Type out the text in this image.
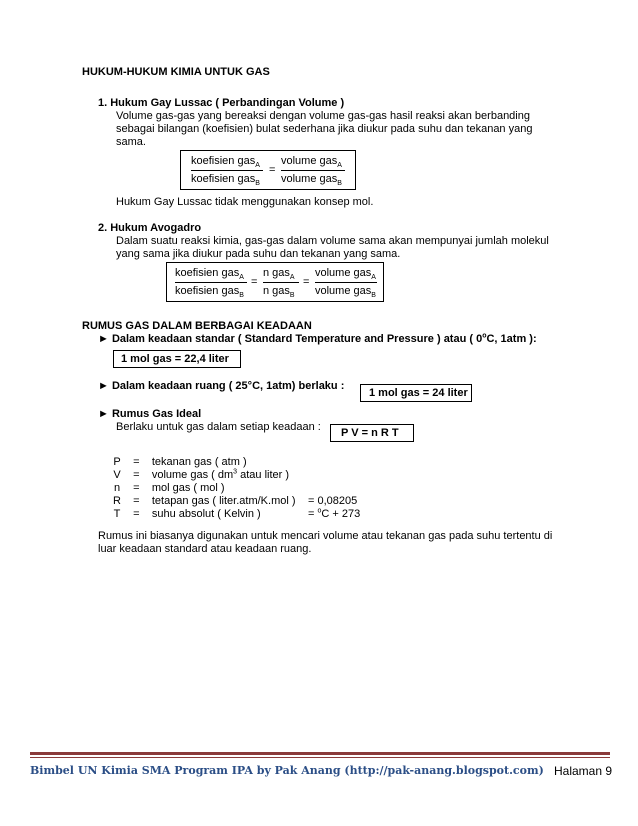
HUKUM-HUKUM KIMIA UNTUK GAS
1. Hukum Gay Lussac ( Perbandingan Volume )
Volume gas-gas yang bereaksi dengan volume gas-gas hasil reaksi akan berbanding
sebagai bilangan (koefisien) bulat sederhana jika diukur pada suhu dan tekanan yang
sama.
koefisien gas$_A$
koefisien gas$_B$
=
volume gas$_A$
volume gas$_B$
Hukum Gay Lussac tidak menggunakan konsep mol.
2. Hukum Avogadro
Dalam suatu reaksi kimia, gas-gas dalam volume sama akan mempunyai jumlah molekul
yang sama jika diukur pada suhu dan tekanan yang sama.
koefisien gas$_A$
koefisien gas$_B$
=
n gas$_A$
n gas$_B$
=
volume gas$_A$
volume gas$_B$
RUMUS GAS DALAM BERBAGAI KEADAAN
► Dalam keadaan standar ( Standard Temperature and Pressure ) atau ( 0$^o$C, 1atm ):
1 mol gas = 22,4 liter
► Dalam keadaan ruang ( 25°C, 1atm) berlaku :
1 mol gas = 24 liter
► Rumus Gas Ideal
Berlaku untuk gas dalam setiap keadaan :	P V = n R T
P = tekanan gas ( atm )
V = volume gas ( $dm^3$ atau liter )
n = mol gas ( mol )
R = tetapan gas ( liter.atm/K.mol ) = 0,08205
T = suhu absolut ( Kelvin )	= $^o$C + 273
Rumus ini biasanya digunakan untuk mencari volume atau tekanan gas pada suhu tertentu di
luar keadaan standard atau keadaan ruang.
Bimbel UN Kimia SMA Program IPA by Pak Anang (http://pak-anang.blogspot.com) Halaman 9
